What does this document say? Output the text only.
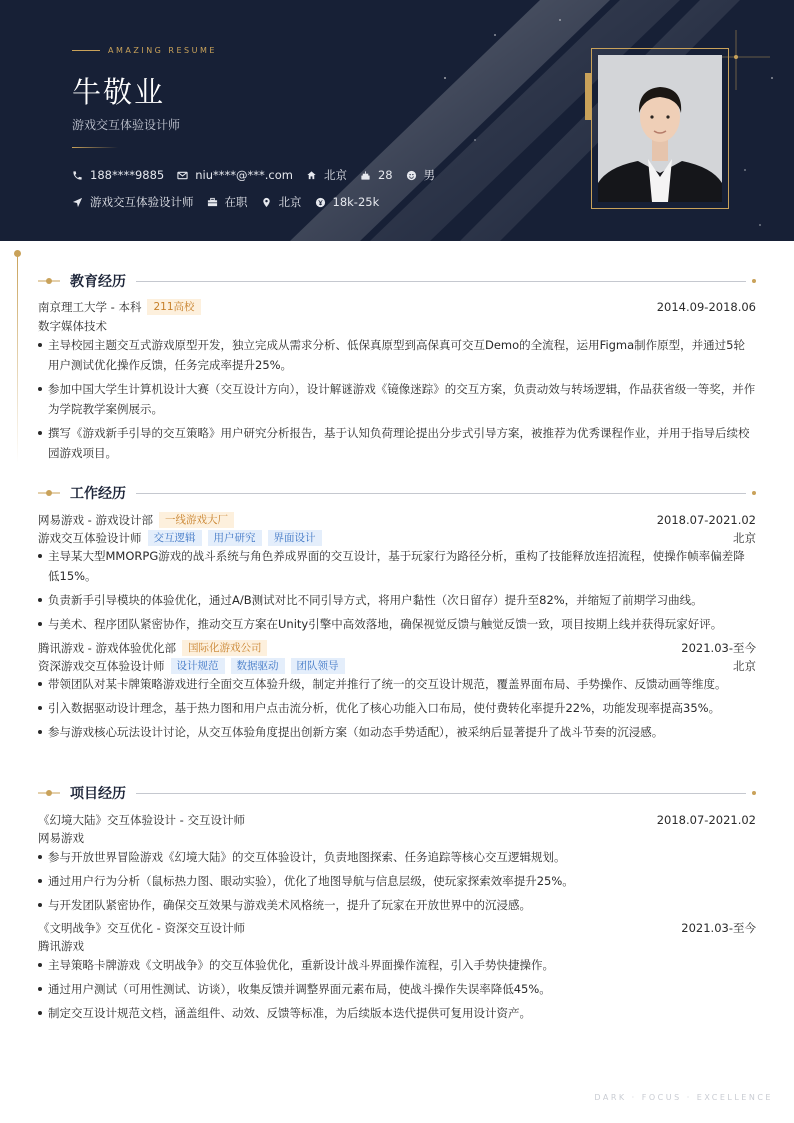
AMAZING RESUME
牛敬业
游戏交互体验设计师
188****9885	niu****@***.com	北京	28	男
游戏交互体验设计师	在职	北京	18k-25k
教育经历
南京理工大学 - 本科	211高校	2014.09-2018.06
数字媒体技术
主导校园主题交互式游戏原型开发，独立完成从需求分析、低保真原型到高保真可交互Demo的全流程，运用Figma制作原型，并通过5轮用户测试优化操作反馈，任务完成率提升25%。
参加中国大学生计算机设计大赛（交互设计方向），设计解谜游戏《镜像迷踪》的交互方案，负责动效与转场逻辑，作品获省级一等奖，并作为学院教学案例展示。
撰写《游戏新手引导的交互策略》用户研究分析报告，基于认知负荷理论提出分步式引导方案，被推荐为优秀课程作业，并用于指导后续校园游戏项目。
工作经历
网易游戏 - 游戏设计部	一线游戏大厂	2018.07-2021.02
游戏交互体验设计师	交互逻辑	用户研究	界面设计	北京
主导某大型MMORPG游戏的战斗系统与角色养成界面的交互设计，基于玩家行为路径分析，重构了技能释放连招流程，使操作帧率偏差降低15%。
负责新手引导模块的体验优化，通过A/B测试对比不同引导方式，将用户黏性（次日留存）提升至82%，并缩短了前期学习曲线。
与美术、程序团队紧密协作，推动交互方案在Unity引擎中高效落地，确保视觉反馈与触觉反馈一致，项目按期上线并获得玩家好评。
腾讯游戏 - 游戏体验优化部	国际化游戏公司	2021.03-至今
资深游戏交互体验设计师	设计规范	数据驱动	团队领导	北京
带领团队对某卡牌策略游戏进行全面交互体验升级，制定并推行了统一的交互设计规范，覆盖界面布局、手势操作、反馈动画等维度。
引入数据驱动设计理念，基于热力图和用户点击流分析，优化了核心功能入口布局，使付费转化率提升22%，功能发现率提高35%。
参与游戏核心玩法设计讨论，从交互体验角度提出创新方案（如动态手势适配），被采纳后显著提升了战斗节奏的沉浸感。
项目经历
《幻境大陆》交互体验设计 - 交互设计师	2018.07-2021.02
网易游戏
参与开放世界冒险游戏《幻境大陆》的交互体验设计，负责地图探索、任务追踪等核心交互逻辑规划。
通过用户行为分析（鼠标热力图、眼动实验），优化了地图导航与信息层级，使玩家探索效率提升25%。
与开发团队紧密协作，确保交互效果与游戏美术风格统一，提升了玩家在开放世界中的沉浸感。
《文明战争》交互优化 - 资深交互设计师	2021.03-至今
腾讯游戏
主导策略卡牌游戏《文明战争》的交互体验优化，重新设计战斗界面操作流程，引入手势快捷操作。
通过用户测试（可用性测试、访谈），收集反馈并调整界面元素布局，使战斗操作失误率降低45%。
制定交互设计规范文档，涵盖组件、动效、反馈等标准，为后续版本迭代提供可复用设计资产。
DARK · FOCUS · EXCELLENCE
